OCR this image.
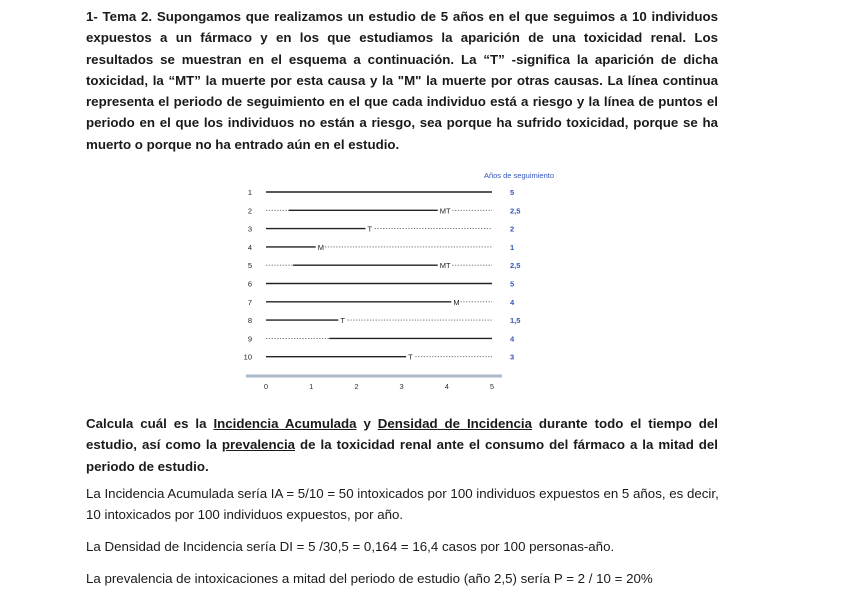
1- Tema 2. Supongamos que realizamos un estudio de 5 años en el que seguimos a 10 individuos expuestos a un fármaco y en los que estudiamos la aparición de una toxicidad renal. Los resultados se muestran en el esquema a continuación. La “T” -significa la aparición de dicha toxicidad, la “MT” la muerte por esta causa y la "M" la muerte por otras causas. La línea continua representa el periodo de seguimiento en el que cada individuo está a riesgo y la línea de puntos el periodo en el que los individuos no están a riesgo, sea porque ha sufrido toxicidad, porque se ha muerto o porque no ha entrado aún en el estudio.

Años de seguimiento
1	5
2	MT	2,5
3	T	2
4	M	1
5	MT	2,5
6	5
7	M	4
8	T	1,5
9	4
10	T	3
0	1	2	3	4	5

Calcula cuál es la Incidencia Acumulada y Densidad de Incidencia durante todo el tiempo del estudio, así como la prevalencia de la toxicidad renal ante el consumo del fármaco a la mitad del periodo de estudio.

La Incidencia Acumulada sería IA = 5/10 = 50 intoxicados por 100 individuos expuestos en 5 años, es decir, 10 intoxicados por 100 individuos expuestos, por año.

La Densidad de Incidencia sería DI = 5 /30,5 = 0,164 = 16,4 casos por 100 personas-año.

La prevalencia de intoxicaciones a mitad del periodo de estudio (año 2,5) sería P = 2 / 10 = 20%
